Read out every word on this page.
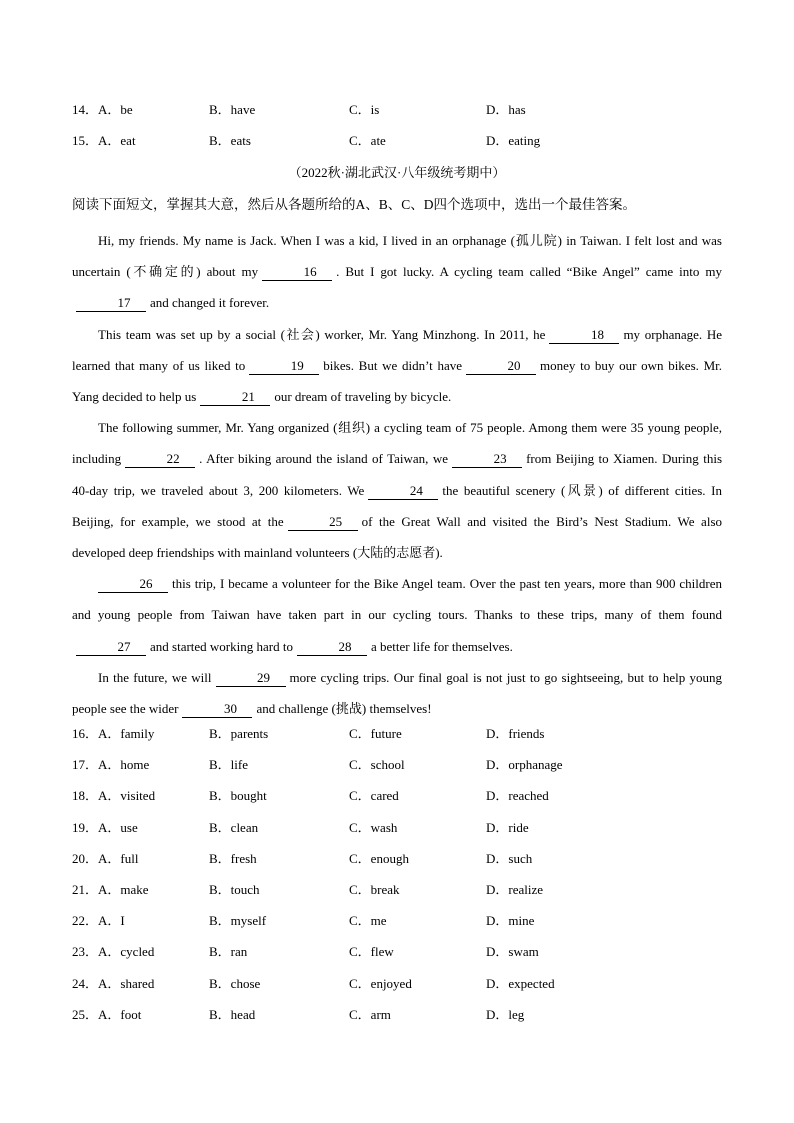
14．A．be	B．have	C．is	D．has
15．A．eat	B．eats	C．ate	D．eating
（2022秋·湖北武汉·八年级统考期中）
阅读下面短文，掌握其大意，然后从各题所给的A、B、C、D四个选项中，选出一个最佳答案。

Hi, my friends. My name is Jack. When I was a kid, I lived in an orphanage (孤儿院) in Taiwan. I felt lost and was uncertain (不确定的) about my	16 . But I got lucky. A cycling team called “Bike Angel” came into my17 and changed it forever.

This team was set up by a social (社会) worker, Mr. Yang Minzhong. In 2011, he	18 my orphanage. He learned that many of us liked to	19 bikes. But we didn’t have	20 money to buy our own bikes. Mr. Yang decided to help us	21 our dream of traveling by bicycle.

The following summer, Mr. Yang organized (组织) a cycling team of 75 people. Among them were 35 young people, including	22 . After biking around the island of Taiwan, we	23 from Beijing to Xiamen. During this 40-day trip, we traveled about 3, 200 kilometers. We	24 the beautiful scenery (风景) of different cities. In Beijing, for example, we stood at the	25 of the Great Wall and visited the Bird’s Nest Stadium. We also developed deep friendships with mainland volunteers (大陆的志愿者).

26 this trip, I became a volunteer for the Bike Angel team. Over the past ten years, more than 900 children and young people from Taiwan have taken part in our cycling tours. Thanks to these trips, many of them found27 and started working hard to	28 a better life for themselves.

In the future, we will	29 more cycling trips. Our final goal is not just to go sightseeing, but to help young people see the wider	30 and challenge (挑战) themselves!

16．A．family	B．parents	C．future	D．friends
17．A．home	B．life	C．school	D．orphanage
18．A．visited	B．bought	C．cared	D．reached
19．A．use	B．clean	C．wash	D．ride
20．A．full	B．fresh	C．enough	D．such
21．A．make	B．touch	C．break	D．realize
22．A．I	B．myself	C．me	D．mine
23．A．cycled	B．ran	C．flew	D．swam
24．A．shared	B．chose	C．enjoyed	D．expected
25．A．foot	B．head	C．arm	D．leg
